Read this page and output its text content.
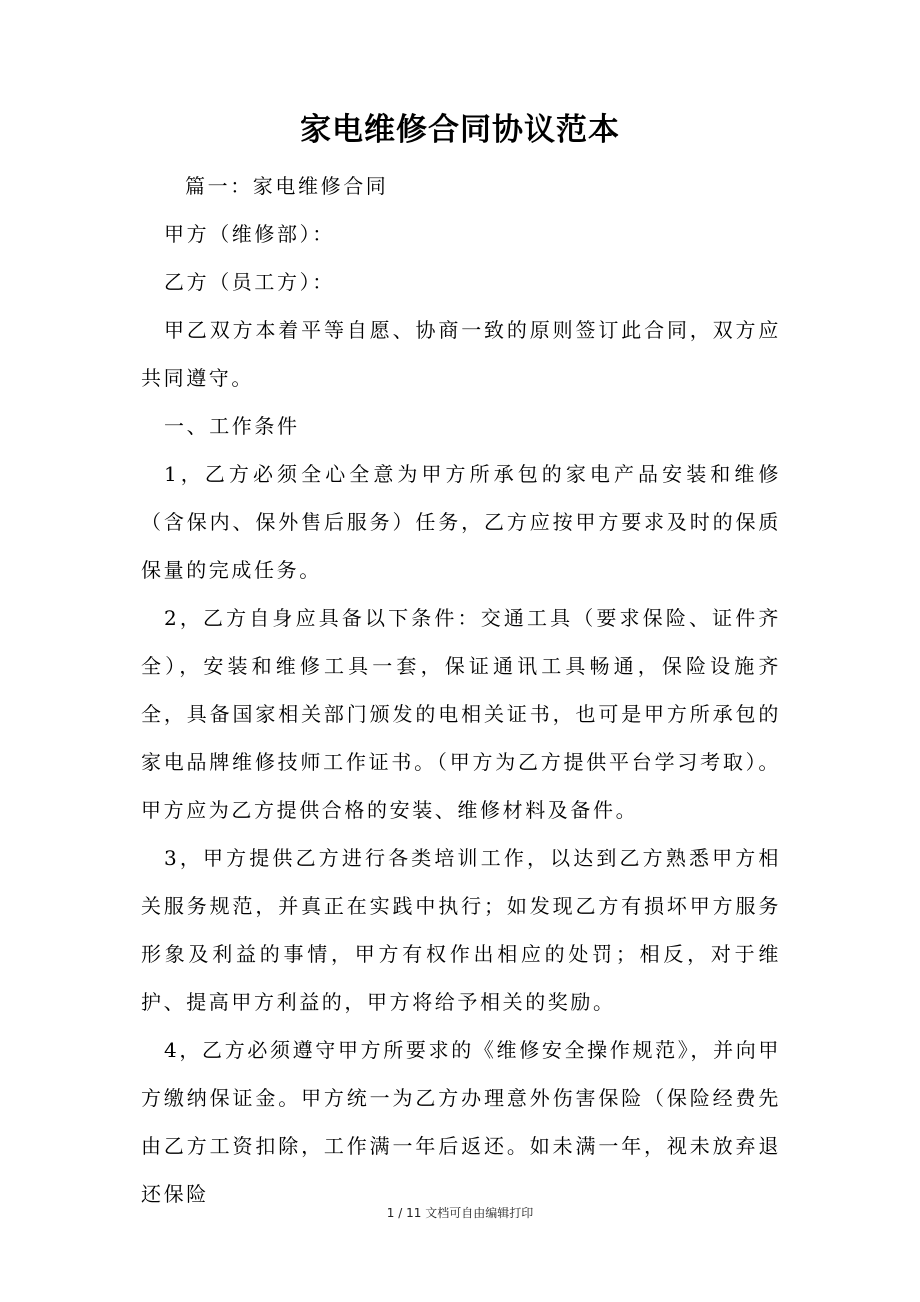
家电维修合同协议范本

篇一：家电维修合同

甲方（维修部）：

乙方（员工方）：

甲乙双方本着平等自愿、协商一致的原则签订此合同，双方应共同遵守。

一、工作条件

1，乙方必须全心全意为甲方所承包的家电产品安装和维修（含保内、保外售后服务）任务，乙方应按甲方要求及时的保质保量的完成任务。

2，乙方自身应具备以下条件：交通工具（要求保险、证件齐全），安装和维修工具一套，保证通讯工具畅通，保险设施齐全，具备国家相关部门颁发的电相关证书，也可是甲方所承包的家电品牌维修技师工作证书。（甲方为乙方提供平台学习考取）。甲方应为乙方提供合格的安装、维修材料及备件。

3，甲方提供乙方进行各类培训工作，以达到乙方熟悉甲方相关服务规范，并真正在实践中执行；如发现乙方有损坏甲方服务形象及利益的事情，甲方有权作出相应的处罚；相反，对于维护、提高甲方利益的，甲方将给予相关的奖励。

4，乙方必须遵守甲方所要求的《维修安全操作规范》，并向甲方缴纳保证金。甲方统一为乙方办理意外伤害保险（保险经费先由乙方工资扣除，工作满一年后返还。如未满一年，视未放弃退还保险

1 / 11 文档可自由编辑打印
